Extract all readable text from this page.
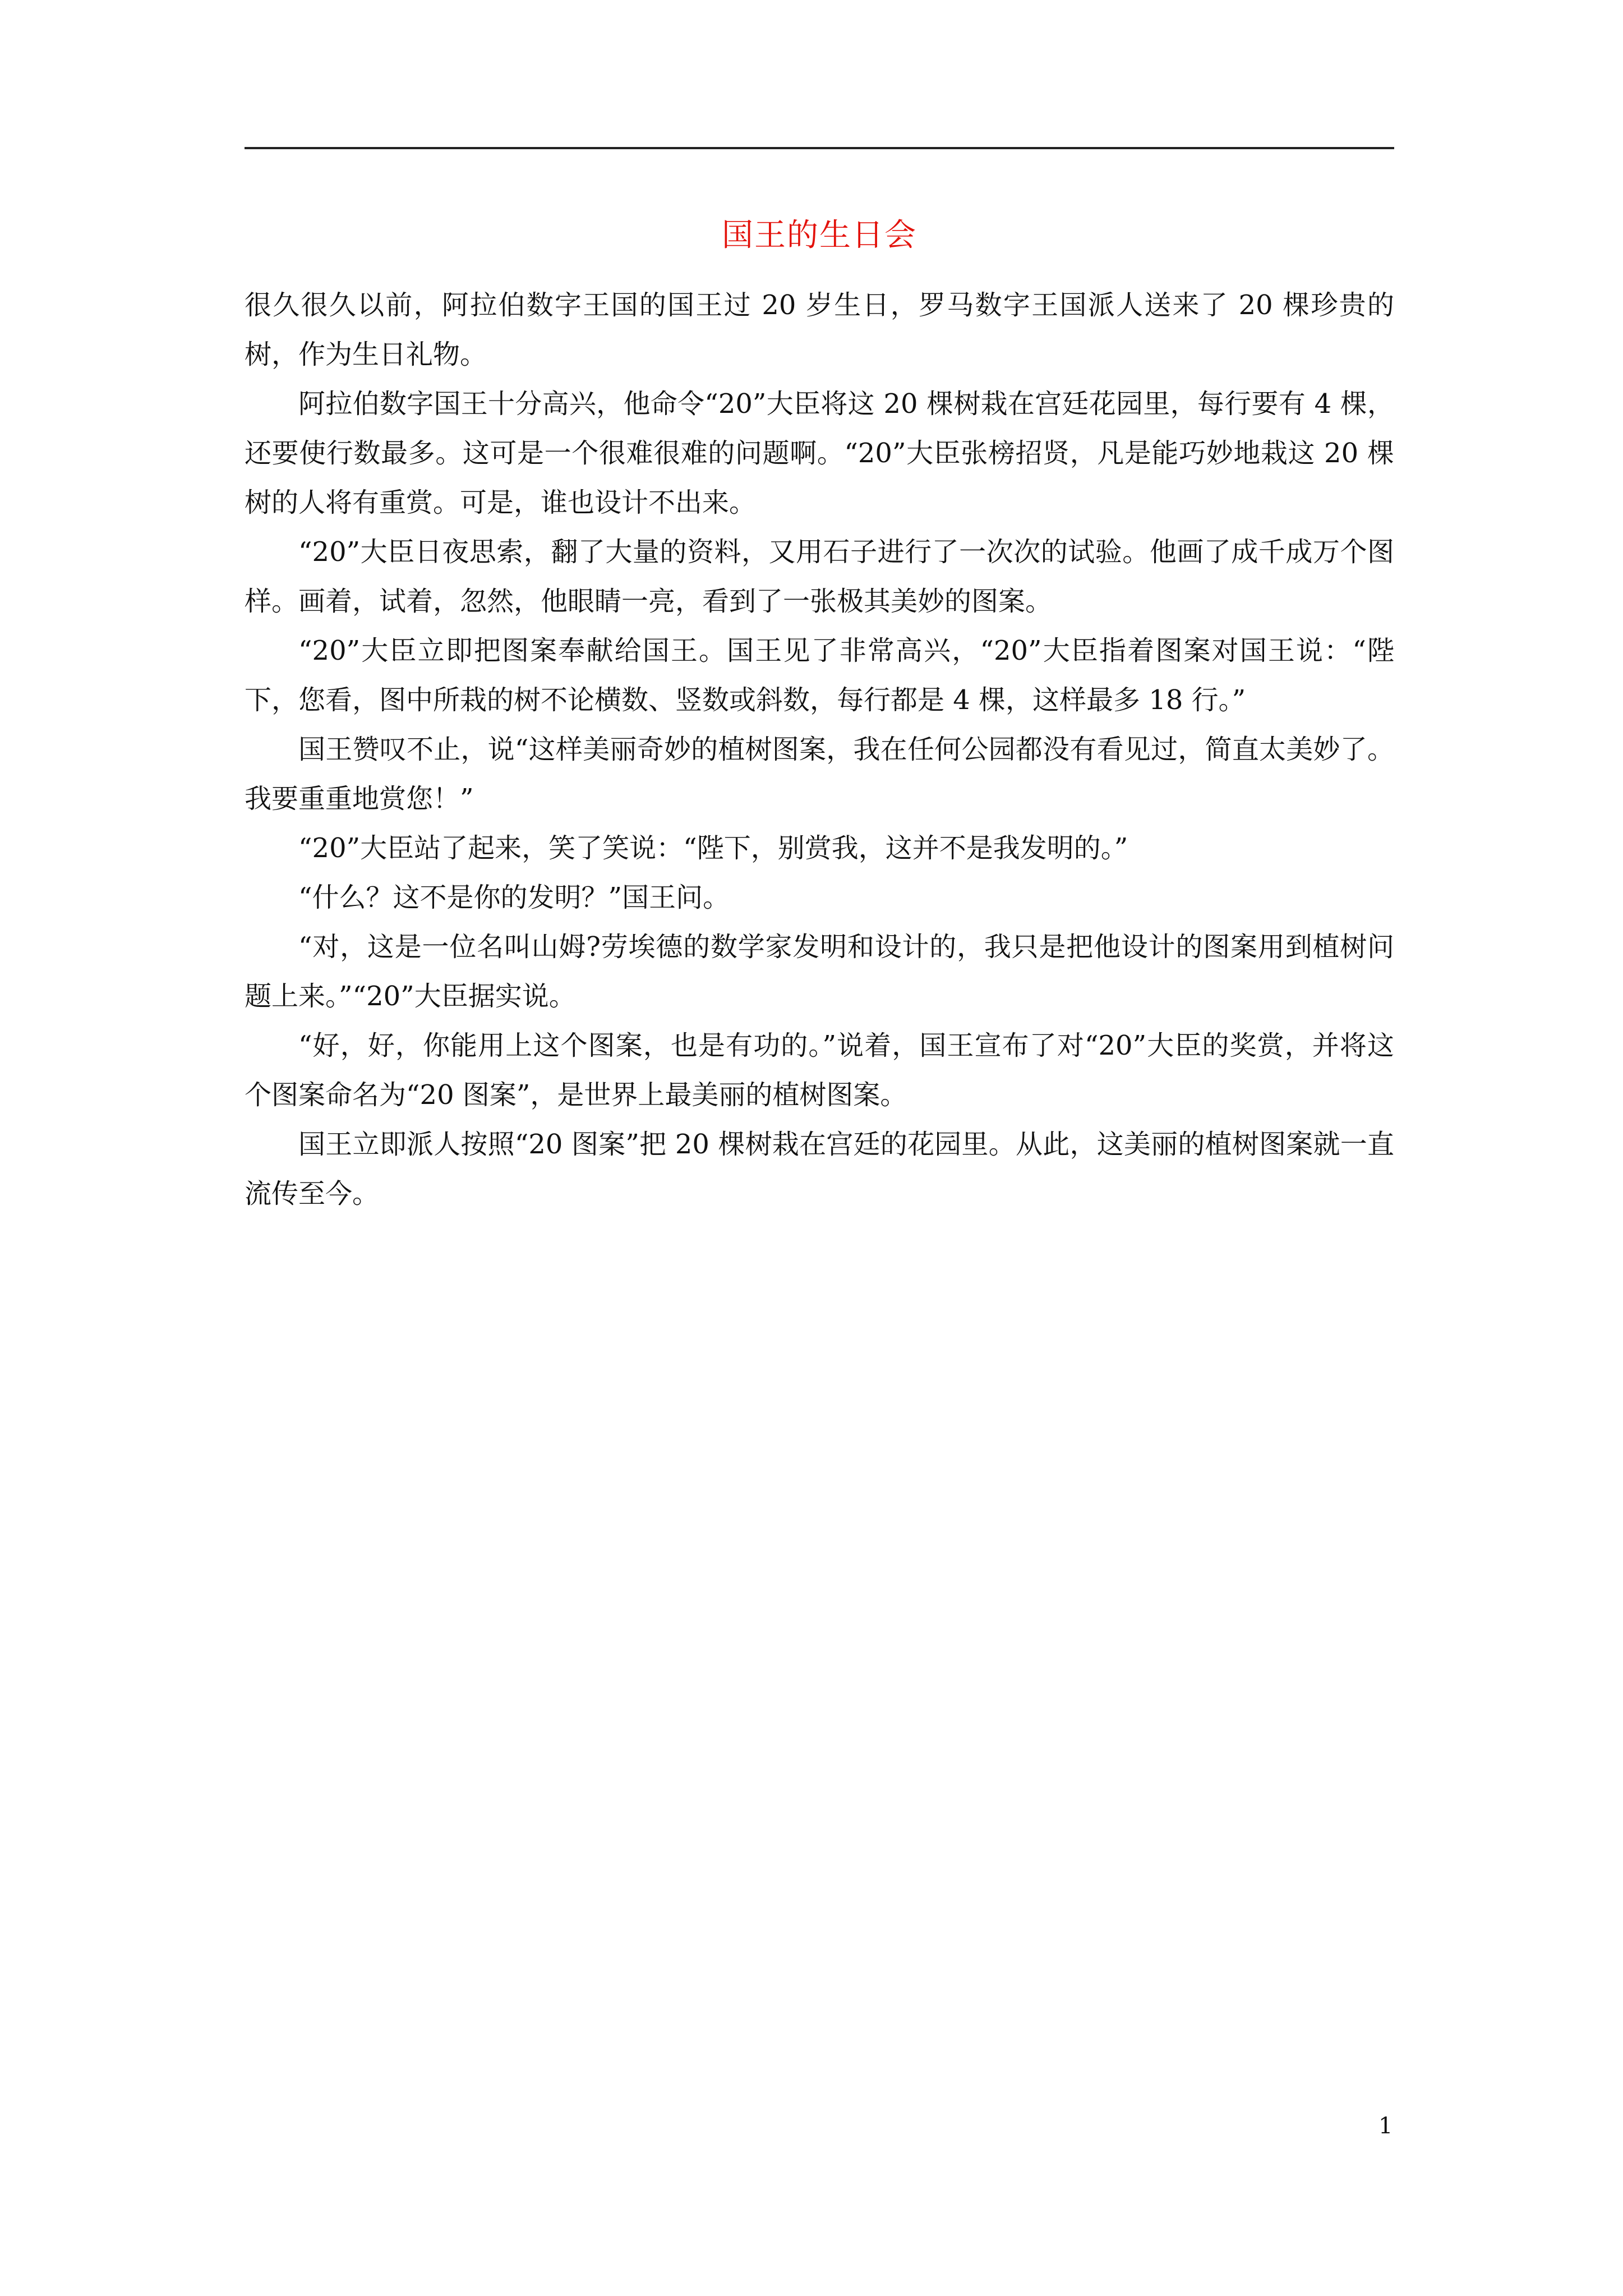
国王的生日会

很久很久以前，阿拉伯数字王国的国王过 20 岁生日，罗马数字王国派人送来了 20 棵珍贵的树，作为生日礼物。

阿拉伯数字国王十分高兴，他命令“20”大臣将这 20 棵树栽在宫廷花园里，每行要有 4 棵，还要使行数最多。这可是一个很难很难的问题啊。“20”大臣张榜招贤，凡是能巧妙地栽这 20 棵树的人将有重赏。可是，谁也设计不出来。

“20”大臣日夜思索，翻了大量的资料，又用石子进行了一次次的试验。他画了成千成万个图样。画着，试着，忽然，他眼睛一亮，看到了一张极其美妙的图案。

“20”大臣立即把图案奉献给国王。国王见了非常高兴，“20”大臣指着图案对国王说：“陛下，您看，图中所栽的树不论横数、竖数或斜数，每行都是 4 棵，这样最多 18 行。”

国王赞叹不止，说“这样美丽奇妙的植树图案，我在任何公园都没有看见过，简直太美妙了。我要重重地赏您！”

“20”大臣站了起来，笑了笑说：“陛下，别赏我，这并不是我发明的。”

“什么？这不是你的发明？”国王问。

“对，这是一位名叫山姆?劳埃德的数学家发明和设计的，我只是把他设计的图案用到植树问题上来。”“20”大臣据实说。

“好，好，你能用上这个图案，也是有功的。”说着，国王宣布了对“20”大臣的奖赏，并将这个图案命名为“20 图案”，是世界上最美丽的植树图案。

国王立即派人按照“20 图案”把 20 棵树栽在宫廷的花园里。从此，这美丽的植树图案就一直流传至今。

1
